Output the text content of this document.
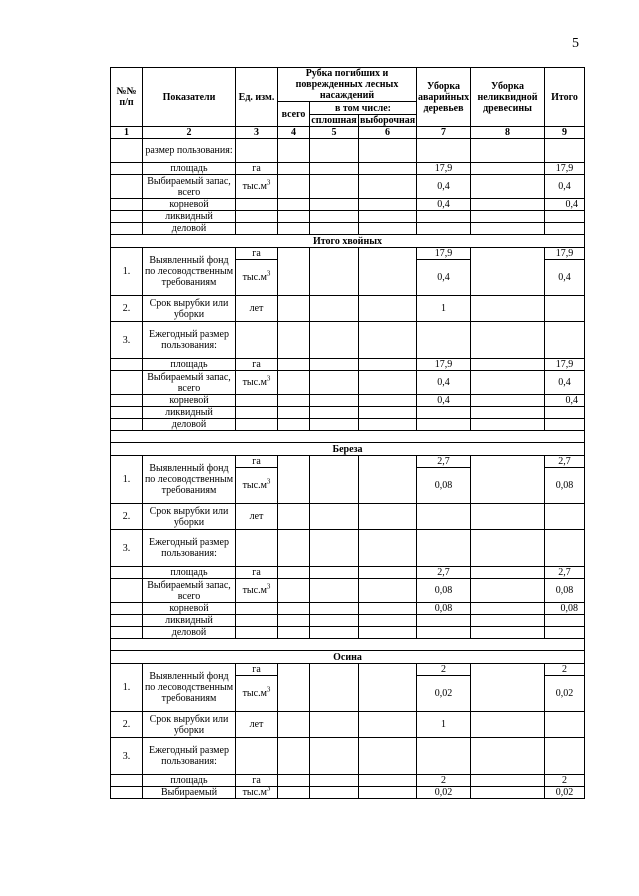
5
№№ п/п	Показатели	Ед. изм.	Рубка погибших и поврежденных лесных насаждений			Уборка аварийных деревьев	Уборка неликвидной древесины	Итого
			всего	в том числе:				
				сплошная	выборочная			
1	2	3	4	5	6	7	8	9
	размер пользования:							
	площадь	га				17,9		17,9
	Выбираемый запас, всего	$тыс.м^3$				0,4		0,4
	корневой					0,4		0,4
	ликвидный							
	деловой							
Итого хвойных								
1.	Выявленный фонд по лесоводственным требованиям	га				17,9		17,9
		$тыс.м^3$				0,4		0,4
2.	Срок вырубки или уборки	лет				1		
3.	Ежегодный размер пользования:							
	площадь	га				17,9		17,9
	Выбираемый запас, всего	$тыс.м^3$				0,4		0,4
	корневой					0,4		0,4
	ликвидный							
	деловой							

Береза								
1.	Выявленный фонд по лесоводственным требованиям	га				2,7		2,7
		$тыс.м^3$				0,08		0,08
2.	Срок вырубки или уборки	лет						
3.	Ежегодный размер пользования:							
	площадь	га				2,7		2,7
	Выбираемый запас, всего	$тыс.м^3$				0,08		0,08
	корневой					0,08		0,08
	ликвидный							
	деловой							

Осина								
1.	Выявленный фонд по лесоводственным требованиям	га				2		2
		$тыс.м^3$				0,02		0,02
2.	Срок вырубки или уборки	лет				1		
3.	Ежегодный размер пользования:							
	площадь	га				2		2
	Выбираемый	$тыс.м^3$				0,02		0,02
